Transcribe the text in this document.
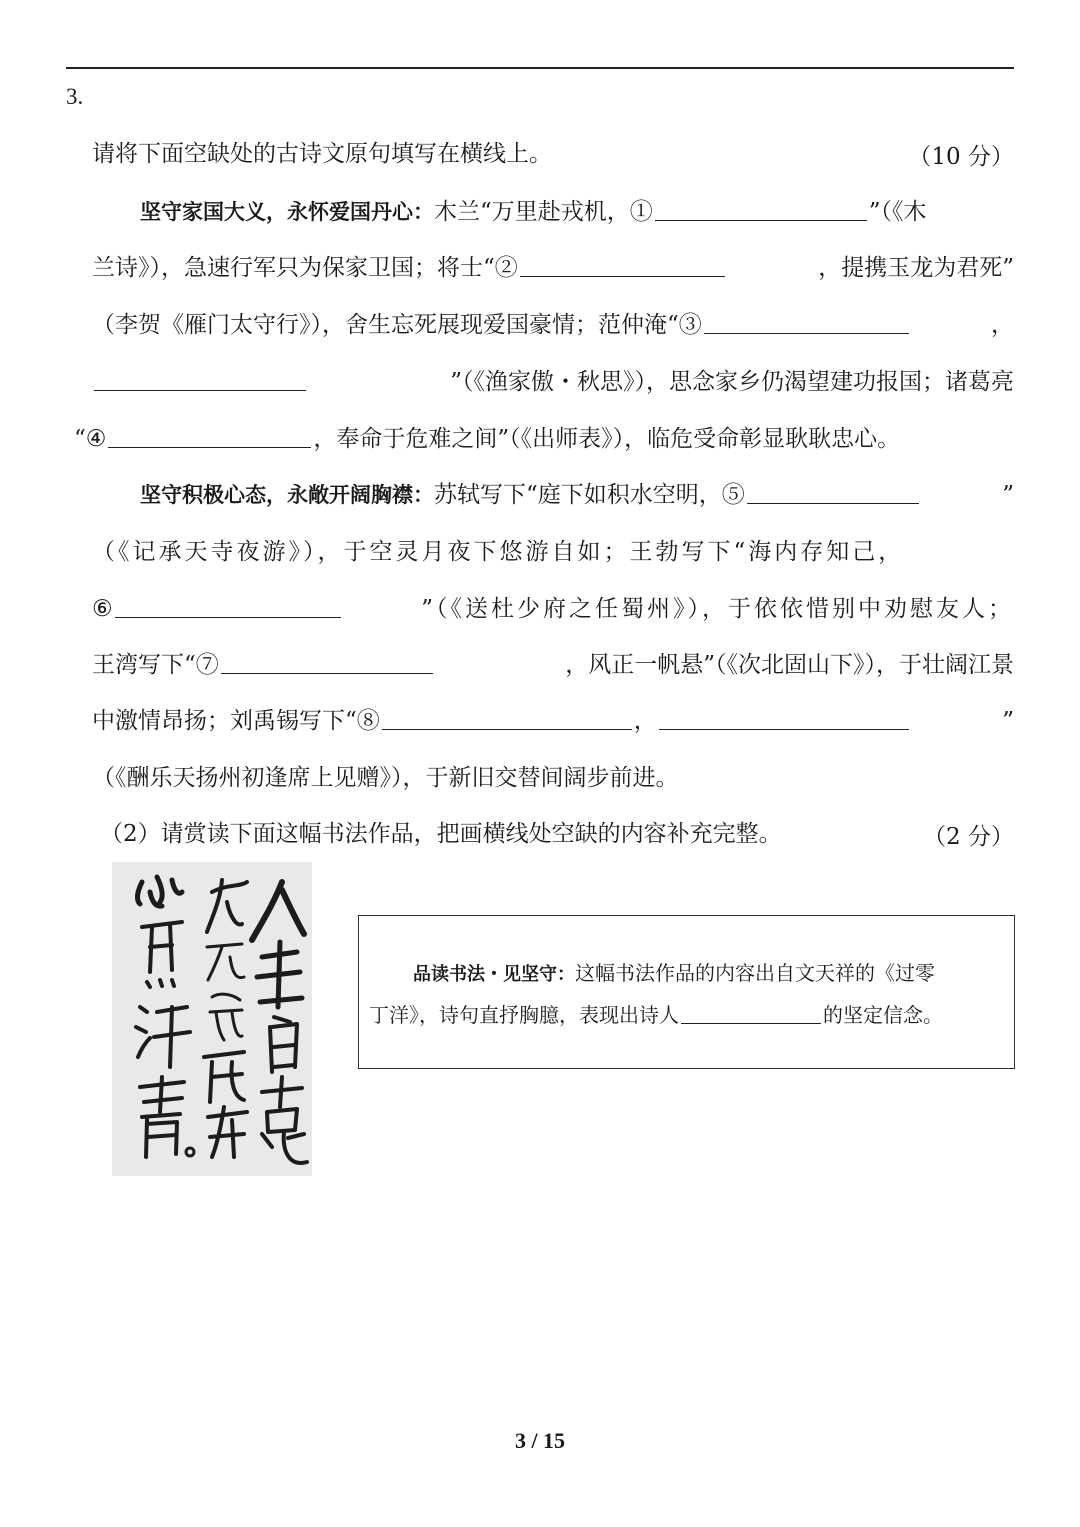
3.
请将下面空缺处的古诗文原句填写在横线上。	（10 分）
坚守家国大义，永怀爱国丹心：木兰“万里赴戎机，①	”（《木
兰诗》），急速行军只为保家卫国；将士“②	，提携玉龙为君死”
（李贺《雁门太守行》），舍生忘死展现爱国豪情；范仲淹“③	，
”（《渔家傲・秋思》），思念家乡仍渴望建功报国；诸葛亮
“④	，奉命于危难之间”（《出师表》），临危受命彰显耿耿忠心。
坚守积极心态，永敞开阔胸襟：苏轼写下“庭下如积水空明，⑤	”
（《记承天寺夜游》），于空灵月夜下悠游自如；王勃写下“海内存知己，
⑥	”（《送杜少府之任蜀州》），于依依惜别中劝慰友人；
王湾写下“⑦	，风正一帆悬”（《次北固山下》），于壮阔江景
中激情昂扬；刘禹锡写下“⑧	，	”
（《酬乐天扬州初逢席上见赠》），于新旧交替间阔步前进。
（2）请赏读下面这幅书法作品，把画横线处空缺的内容补充完整。	（2 分）
品读书法・见坚守：这幅书法作品的内容出自文天祥的《过零
丁洋》，诗句直抒胸臆，表现出诗人	的坚定信念。
3 / 15
